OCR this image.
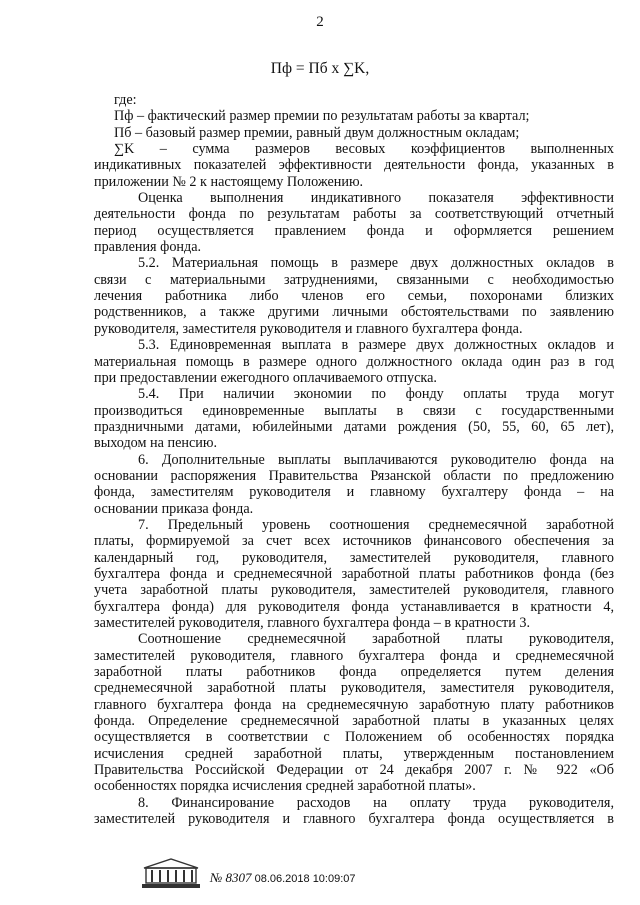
2
Пф = Пб x ∑K,

где:

Пф – фактический размер премии по результатам работы за квартал;

Пб – базовый размер премии, равный двум должностным окладам;

∑K – сумма размеров весовых коэффициентов выполненных

индикативных показателей эффективности деятельности фонда, указанных в

приложении № 2 к настоящему Положению.

Оценка выполнения индикативного показателя эффективности

деятельности фонда по результатам работы за соответствующий отчетный

период осуществляется правлением фонда и оформляется решением

правления фонда.

5.2. Материальная помощь в размере двух должностных окладов в

связи с материальными затруднениями, связанными с необходимостью

лечения работника либо членов его семьи, похоронами близких

родственников, а также другими личными обстоятельствами по заявлению

руководителя, заместителя руководителя и главного бухгалтера фонда.

5.3. Единовременная выплата в размере двух должностных окладов и

материальная помощь в размере одного должностного оклада один раз в год

при предоставлении ежегодного оплачиваемого отпуска.

5.4. При наличии экономии по фонду оплаты труда могут

производиться единовременные выплаты в связи с государственными

праздничными датами, юбилейными датами рождения (50, 55, 60, 65 лет),

выходом на пенсию.

6. Дополнительные выплаты выплачиваются руководителю фонда на

основании распоряжения Правительства Рязанской области по предложению

фонда, заместителям руководителя и главному бухгалтеру фонда – на

основании приказа фонда.

7. Предельный уровень соотношения среднемесячной заработной

платы, формируемой за счет всех источников финансового обеспечения за

календарный год, руководителя, заместителей руководителя, главного

бухгалтера фонда и среднемесячной заработной платы работников фонда (без

учета заработной платы руководителя, заместителей руководителя, главного

бухгалтера фонда) для руководителя фонда устанавливается в кратности 4,

заместителей руководителя, главного бухгалтера фонда – в кратности 3.

Соотношение среднемесячной заработной платы руководителя,

заместителей руководителя, главного бухгалтера фонда и среднемесячной

заработной платы работников фонда определяется путем деления

среднемесячной заработной платы руководителя, заместителя руководителя,

главного бухгалтера фонда на среднемесячную заработную плату работников

фонда. Определение среднемесячной заработной платы в указанных целях

осуществляется в соответствии с Положением об особенностях порядка

исчисления средней заработной платы, утвержденным постановлением

Правительства Российской Федерации от 24 декабря 2007 г. № 922 «Об

особенностях порядка исчисления средней заработной платы».

8. Финансирование расходов на оплату труда руководителя,

заместителей руководителя и главного бухгалтера фонда осуществляется в

№ 8307 08.06.2018 10:09:07
